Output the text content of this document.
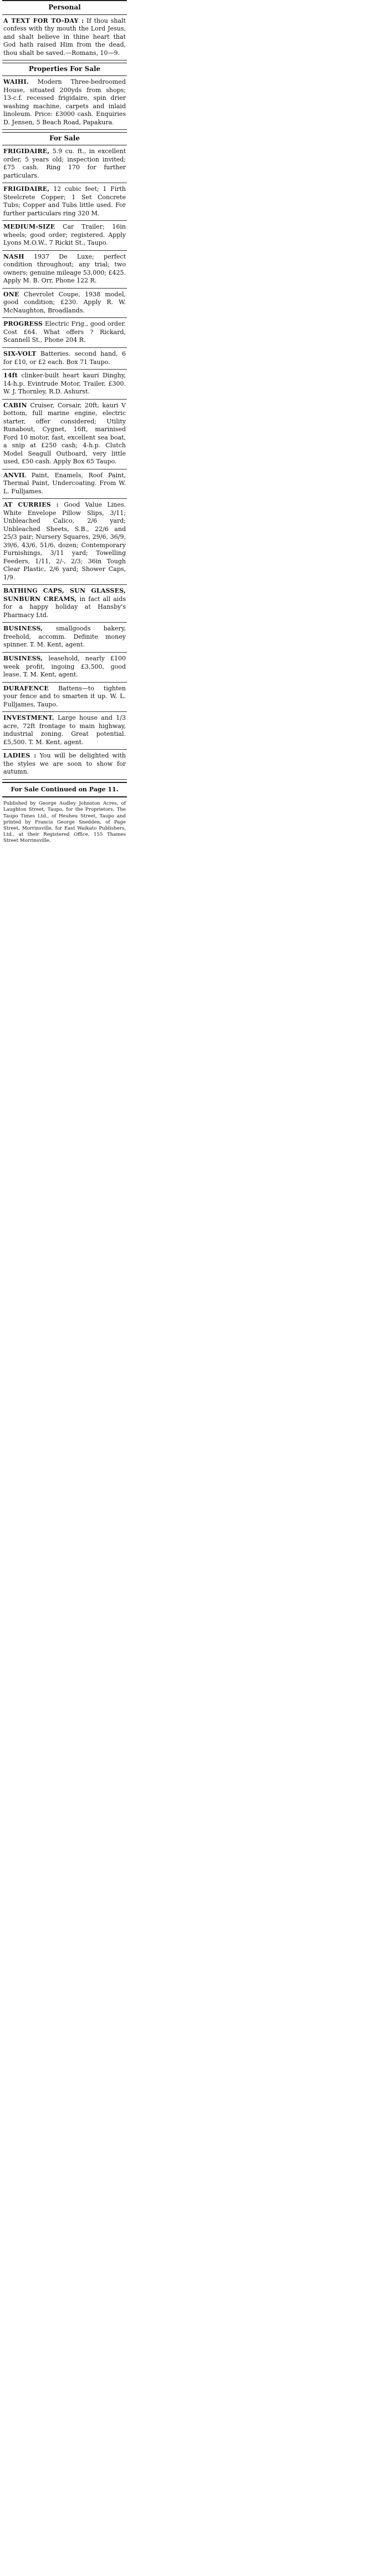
Personal
A TEXT FOR TO-DAY : If thou shalt confess with thy mouth the Lord Jesus, and shalt believe in thine heart that God hath raised Him from the dead, thou shalt be saved.—Romans, 10—9.
Properties For Sale
WAIHI. Modern Three-bedroomed House, situated 200yds from shops; 13-c.f. recessed frigidaire, spin drier washing machine, carpets and inlaid linoleum. Price: £3000 cash. Enquiries D. Jensen, 5 Beach Road, Papakura.
For Sale
FRIGIDAIRE, 5.9 cu. ft., in excellent order, 5 years old; inspection invited; £75 cash. Ring 170 for further particulars.
FRIGIDAIRE, 12 cubic feet; 1 Firth Steelcrete Copper; 1 Set Concrete Tubs; Copper and Tubs little used. For further particulars ring 320 M.
MEDIUM-SIZE Car Trailer; 16in wheels; good order; registered. Apply Lyons M.O.W., 7 Rickit St., Taupo.
NASH 1937 De Luxe; perfect condition throughout; any trial; two owners; genuine mileage 53,000; £425. Apply M. B. Orr, Phone 122 R.
ONE Chevrolet Coupe, 1938 model, good condition; £230. Apply R. W. McNaughton, Broadlands.
PROGRESS Electric Frig., good order. Cost £64. What offers ? Rickard, Scannell St., Phone 204 R.
SIX-VOLT Batteries. second hand, 6 for £10, or £2 each. Box 71 Taupo.
14ft clinker-built heart kauri Dinghy, 14-h.p. Evintrude Motor, Trailer, £300. W. J. Thornley, R.D. Ashurst.
CABIN Cruiser, Corsair, 20ft, kauri V bottom, full marine engine, electric starter, offer considered; Utility Runabout, Cygnet, 16ft, marinised Ford 10 motor, fast, excellent sea boat, a snip at £250 cash; 4-h.p. Clutch Model Seagull Outboard, very little used, £50 cash. Apply Box 65 Taupo.
ANVIL Paint, Enamels, Roof Paint, Thermal Paint, Undercoating. From W. L. Fulljames.
AT CURRIES : Good Value Lines. White Envelope Pillow Slips, 3/11; Unbleached Calico, 2/6 yard; Unbleached Sheets, S.B., 22/6 and 25/3 pair; Nursery Squares, 29/6, 36/9, 39/6, 43/6, 51/6, dozen; Contemporary Furnishings, 3/11 yard; Towelling Feeders, 1/11, 2/-, 2/3; 36in Tough Clear Plastic, 2/6 yard; Shower Caps, 1/9.
BATHING CAPS, SUN GLASSES, SUNBURN CREAMS, in fact all aids for a happy holiday at Hansby's Pharmacy Ltd.
BUSINESS, smallgoods bakery, freehold, accomm. Definite money spinner. T. M. Kent, agent.
BUSINESS, leasehold, nearly £100 week profit, ingoing £3,500, good lease. T. M. Kent, agent.
DURAFENCE Battens—to tighten your fence and to smarten it up. W. L. Fulljames, Taupo.
INVESTMENT. Large house and 1/3 acre, 72ft frontage to main highway, industrial zoning. Great potential. £5,500. T. M. Kent, agent.
LADIES : You will be delighted with the styles we are soon to show for autumn.
For Sale Continued on Page 11.
Published by George Audley Johnston Acres, of Laughton Street, Taupo, for the Proprietors, The Taupo Times Ltd., of Heuheu Street, Taupo and printed by Francis George Snedden, of Page Street, Morrinsville, for East Waikato Publishers, Ltd., at their Registered Office, 155 Thames Street Morrinsville.
